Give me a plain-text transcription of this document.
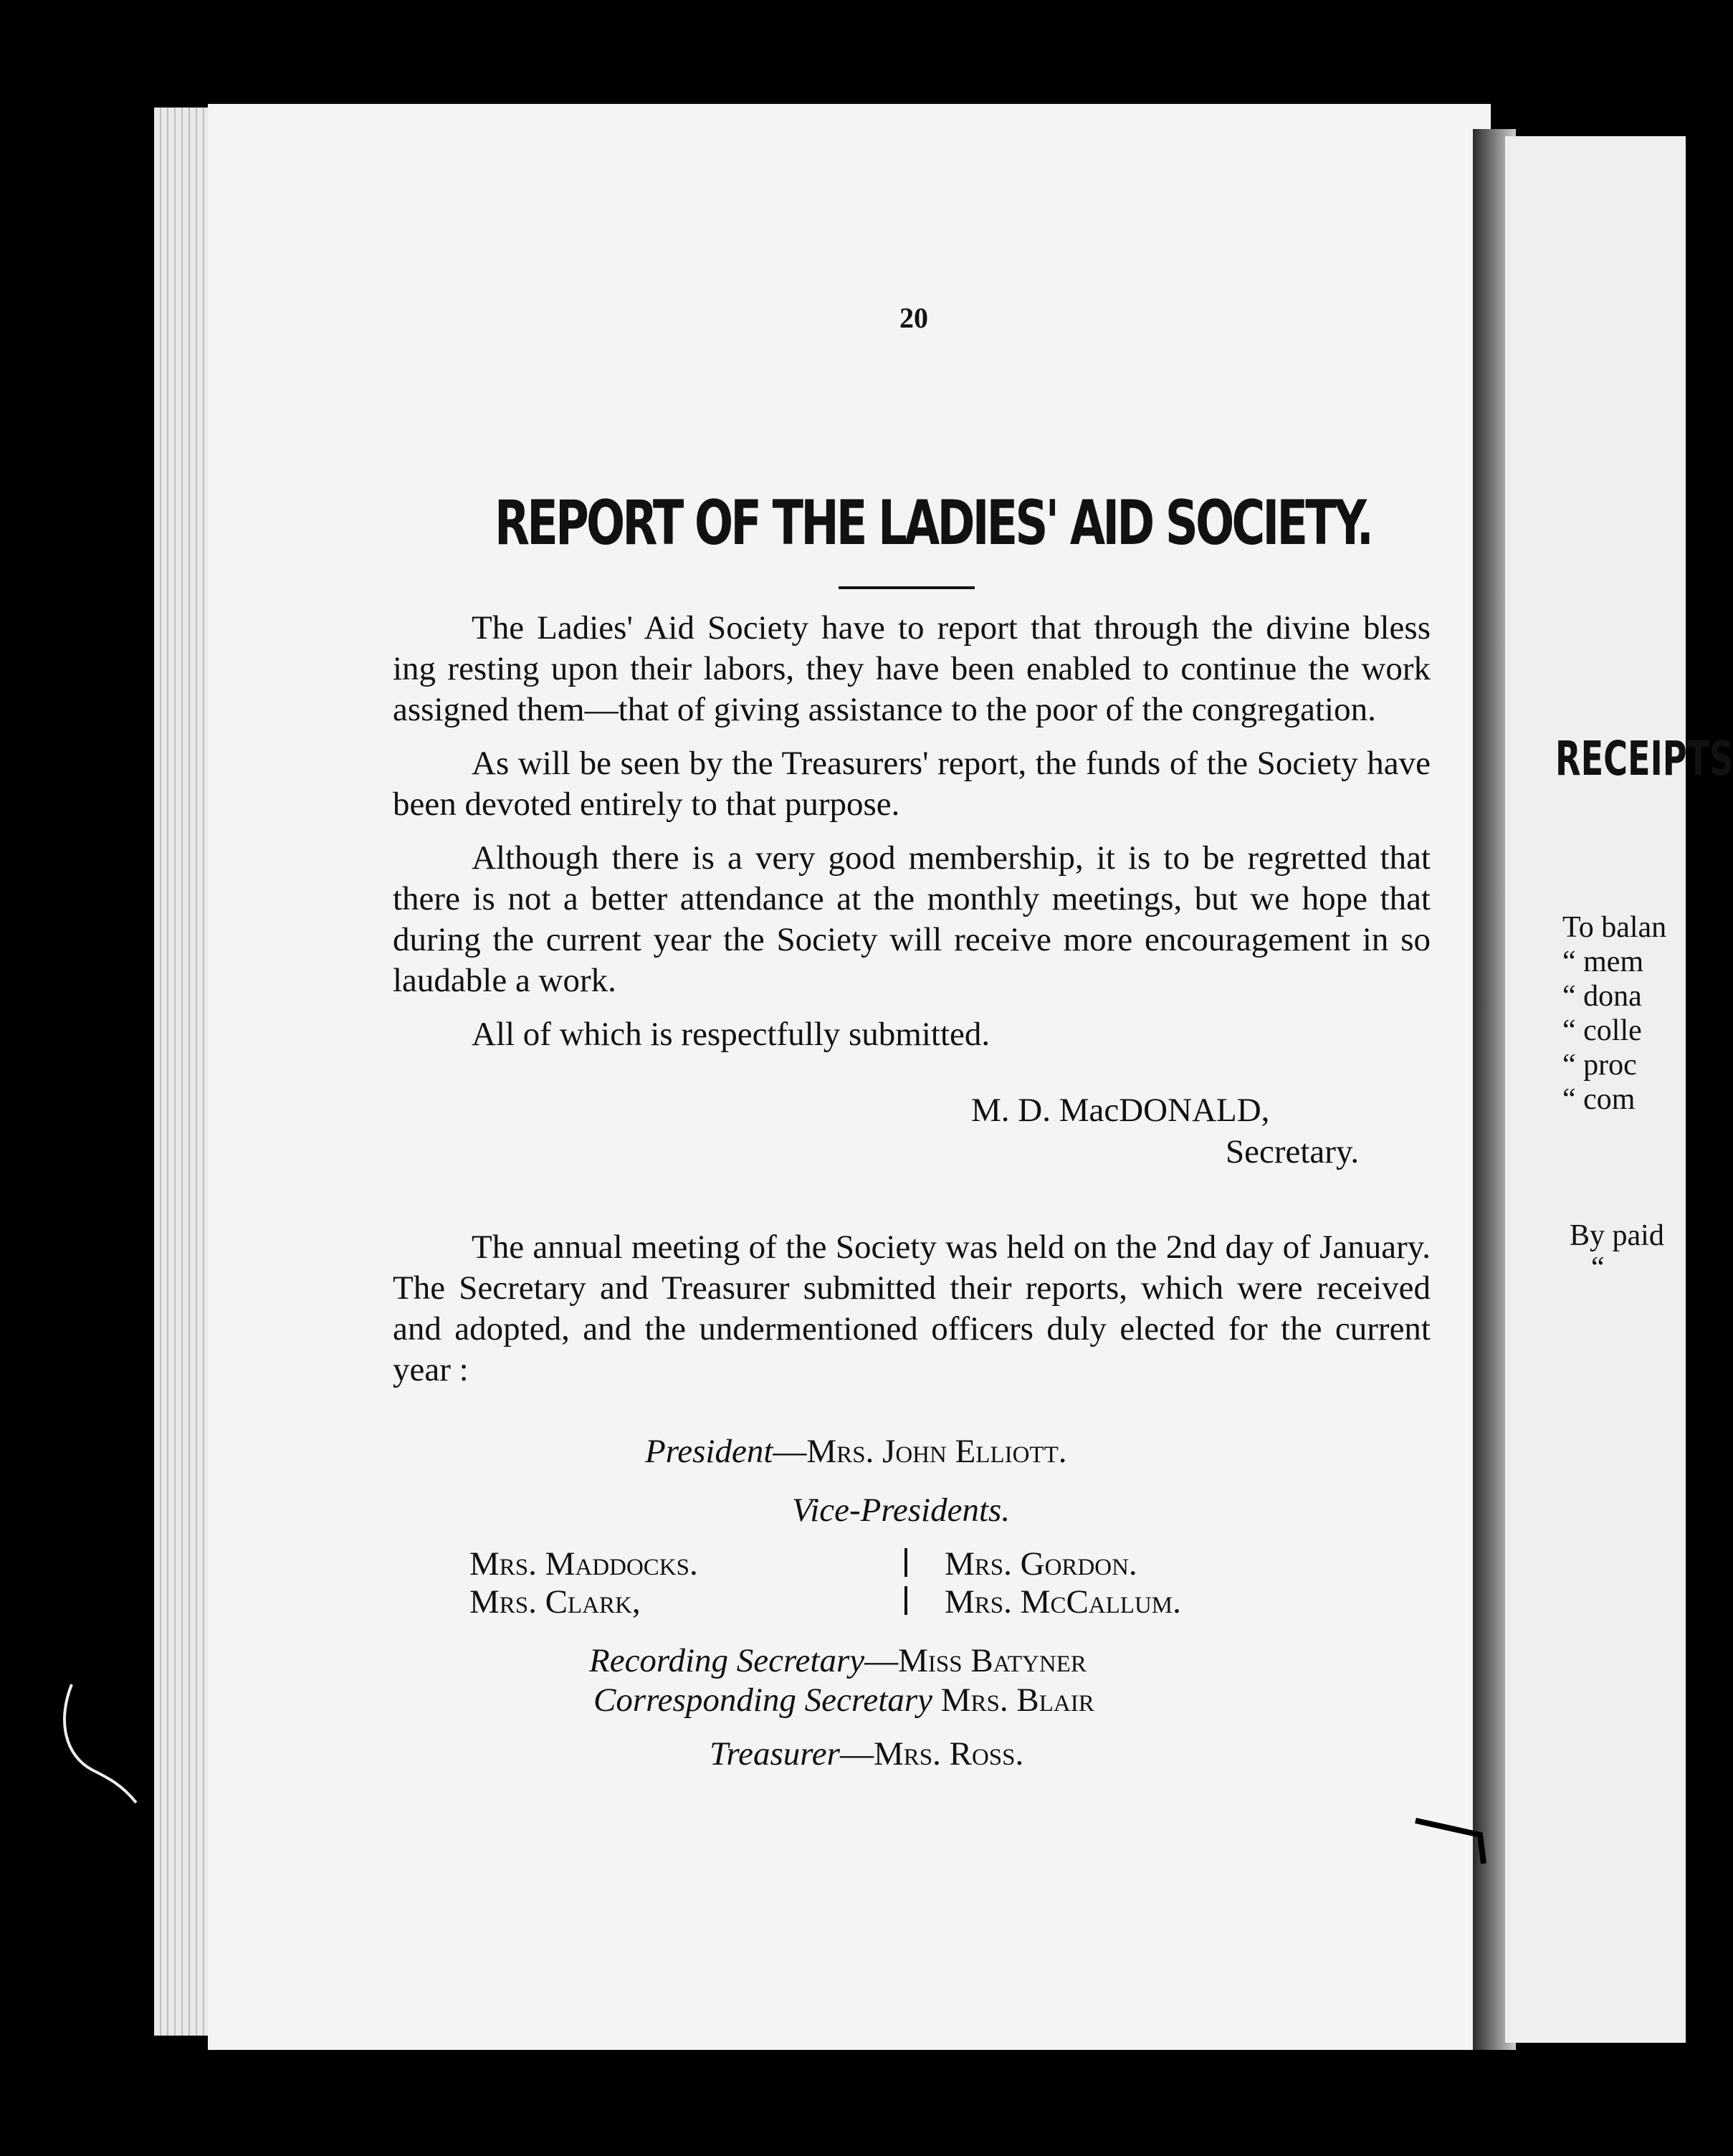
RECEIPTS
To balan
“ mem
“ dona
“ colle
“ proc
“ com
By paid
“
20
REPORT OF THE LADIES' AID SOCIETY.

The Ladies' Aid Society have to report that through the divine bless ing resting upon their labors, they have been enabled to continue the work assigned them—that of giving assistance to the poor of the congregation.

As will be seen by the Treasurers' report, the funds of the Society have been devoted entirely to that purpose.

Although there is a very good membership, it is to be regretted that there is not a better attendance at the monthly meetings, but we hope that during the current year the Society will receive more encouragement in so laudable a work.

All of which is respectfully submitted.

M. D. MacDONALD,
Secretary.
The annual meeting of the Society was held on the 2nd day of January. The Secretary and Treasurer submitted their reports, which were received and adopted, and the undermentioned officers duly elected for the current year :
President—Mrs. John Elliott.
Vice-Presidents.
Mrs. Maddocks.
Mrs. Clark,
Mrs. Gordon.
Mrs. McCallum.
Recording Secretary—Miss Batyner
Corresponding Secretary Mrs. Blair
Treasurer—Mrs. Ross.
